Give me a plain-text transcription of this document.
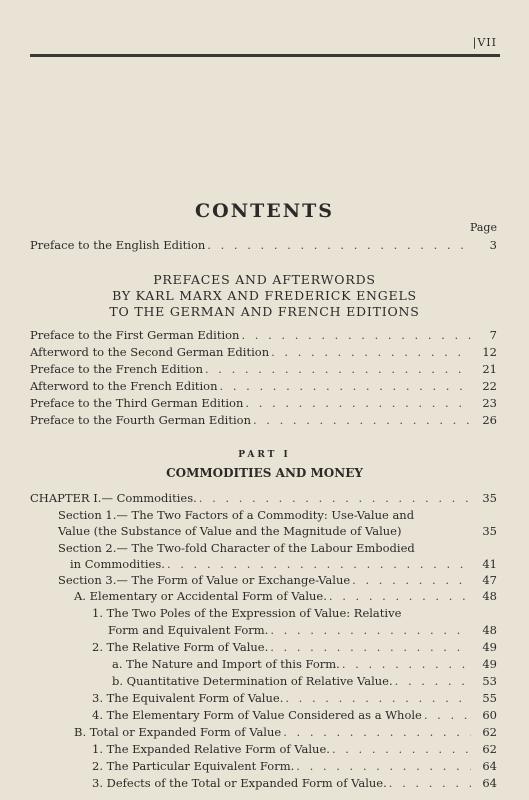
|VII
CONTENTS
Page
Preface to the English Edition . . .	3
PREFACES AND AFTERWORDS
BY KARL MARX AND FREDERICK ENGELS
TO THE GERMAN AND FRENCH EDITIONS
Preface to the First German Edition . . .	7
Afterword to the Second German Edition . . .	12
Preface to the French Edition . . .	21
Afterword to the French Edition . . .	22
Preface to the Third German Edition . . .	23
Preface to the Fourth German Edition . . .	26
PART I
COMMODITIES AND MONEY
CHAPTER I.— Commodities. . . .	35
Section 1.— The Two Factors of a Commodity: Use-Value and
Value (the Substance of Value and the Magnitude of Value)	35
Section 2.— The Two-fold Character of the Labour Embodied
in Commodities. . . .	41
Section 3.— The Form of Value or Exchange-Value . . .	47
A. Elementary or Accidental Form of Value. . . .	48
1. The Two Poles of the Expression of Value: Relative
Form and Equivalent Form. . . .	48
2. The Relative Form of Value. . . .	49
a. The Nature and Import of this Form. . . .	49
b. Quantitative Determination of Relative Value. . . .	53
3. The Equivalent Form of Value. . . .	55
4. The Elementary Form of Value Considered as a Whole . . .	60
B. Total or Expanded Form of Value . . .	62
1. The Expanded Relative Form of Value. . . .	62
2. The Particular Equivalent Form. . . .	64
3. Defects of the Total or Expanded Form of Value. . . .	64
